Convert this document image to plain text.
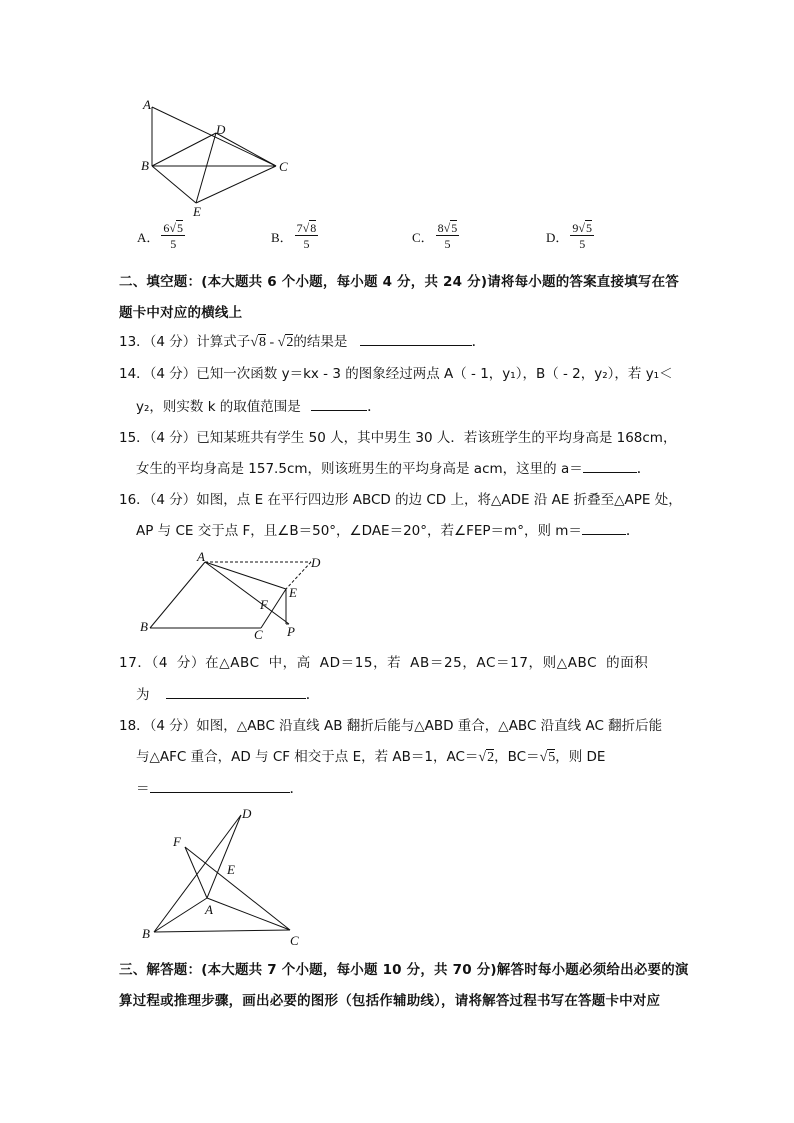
A
D
B	C
E
A． $\frac{6√5}{5}$	B． $\frac{7√8}{5}$	C． $\frac{8√5}{5}$	D． $\frac{9√5}{5}$
二、填空题：(本大题共 6 个小题，每小题 4 分，共 24 分)请将每小题的答案直接填写在答
题卡中对应的横线上
13．（4 分）计算式子√8 - √2的结果是	．
14．（4 分）已知一次函数 y＝kx - 3 的图象经过两点 A（ - 1，y₁），B（ - 2，y₂），若 y₁＜
y₂，则实数 k 的取值范围是	．
15．（4 分）已知某班共有学生 50 人，其中男生 30 人．若该班学生的平均身高是 168cm，
女生的平均身高是 157.5cm，则该班男生的平均身高是 acm，这里的 a＝	．
16．（4 分）如图，点 E 在平行四边形 ABCD 的边 CD 上，将△ADE 沿 AE 折叠至△APE 处，
AP 与 CE 交于点 F，且∠B＝50°，∠DAE＝20°，若∠FEP＝m°，则 m＝	．
A	D
E
F
B
C P
17．（4 分）在△ABC 中，高 AD＝15，若 AB＝25，AC＝17，则△ABC 的面积
为	．
18．（4 分）如图，△ABC 沿直线 AB 翻折后能与△ABD 重合，△ABC 沿直线 AC 翻折后能
与△AFC 重合，AD 与 CF 相交于点 E，若 AB＝1，AC＝√2，BC＝√5，则 DE
＝	．
D
F
E
A
B	C
三、解答题：(本大题共 7 个小题，每小题 10 分，共 70 分)解答时每小题必须给出必要的演
算过程或推理步骤，画出必要的图形（包括作辅助线），请将解答过程书写在答题卡中对应
